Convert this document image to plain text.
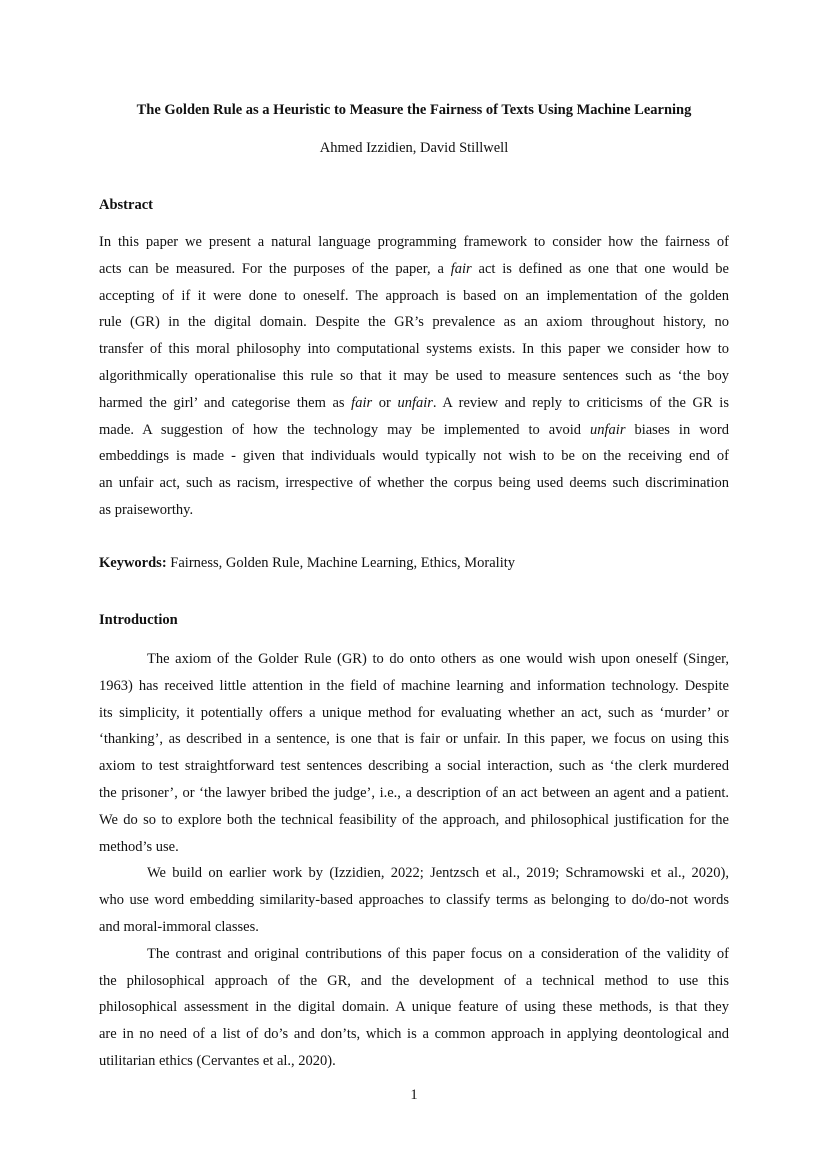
The Golden Rule as a Heuristic to Measure the Fairness of Texts Using Machine Learning
Ahmed Izzidien, David Stillwell
Abstract
In this paper we present a natural language programming framework to consider how the fairness of
acts can be measured. For the purposes of the paper, a fair act is defined as one that one would be
accepting of if it were done to oneself. The approach is based on an implementation of the golden
rule (GR) in the digital domain. Despite the GR’s prevalence as an axiom throughout history, no
transfer of this moral philosophy into computational systems exists. In this paper we consider how to
algorithmically operationalise this rule so that it may be used to measure sentences such as ‘the boy
harmed the girl’ and categorise them as fair or unfair. A review and reply to criticisms of the GR is
made. A suggestion of how the technology may be implemented to avoid unfair biases in word
embeddings is made - given that individuals would typically not wish to be on the receiving end of
an unfair act, such as racism, irrespective of whether the corpus being used deems such discrimination
as praiseworthy.
Keywords: Fairness, Golden Rule, Machine Learning, Ethics, Morality
Introduction
The axiom of the Golder Rule (GR) to do onto others as one would wish upon oneself (Singer,
1963) has received little attention in the field of machine learning and information technology. Despite
its simplicity, it potentially offers a unique method for evaluating whether an act, such as ‘murder’ or
‘thanking’, as described in a sentence, is one that is fair or unfair. In this paper, we focus on using this
axiom to test straightforward test sentences describing a social interaction, such as ‘the clerk murdered
the prisoner’, or ‘the lawyer bribed the judge’, i.e., a description of an act between an agent and a patient.
We do so to explore both the technical feasibility of the approach, and philosophical justification for the
method’s use.
We build on earlier work by (Izzidien, 2022; Jentzsch et al., 2019; Schramowski et al., 2020),
who use word embedding similarity-based approaches to classify terms as belonging to do/do-not words
and moral-immoral classes.
The contrast and original contributions of this paper focus on a consideration of the validity of
the philosophical approach of the GR, and the development of a technical method to use this
philosophical assessment in the digital domain. A unique feature of using these methods, is that they
are in no need of a list of do’s and don’ts, which is a common approach in applying deontological and
utilitarian ethics (Cervantes et al., 2020).
1
